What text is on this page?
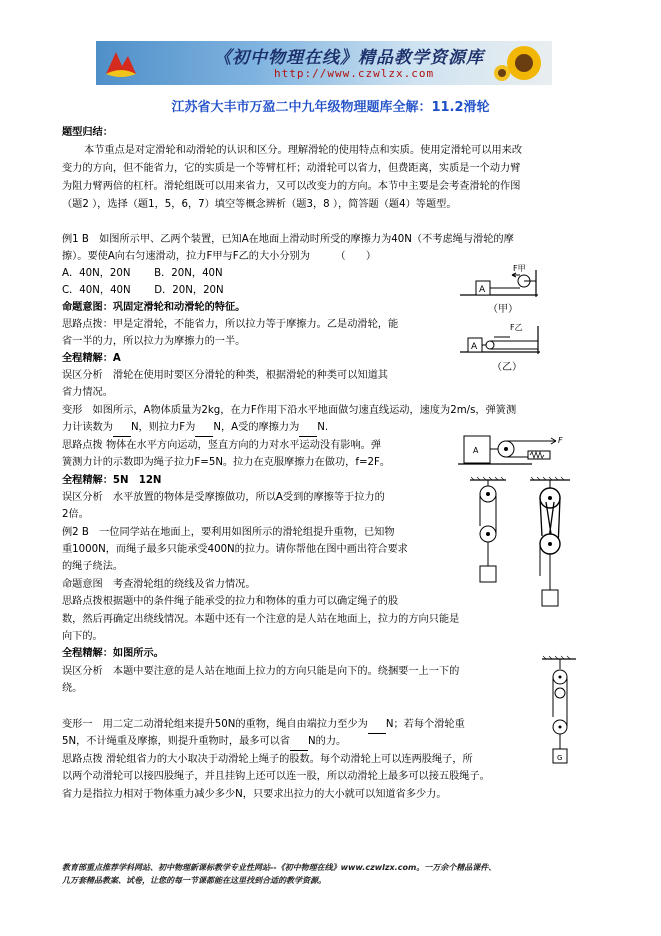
《初中物理在线》精品教学资源库
http://www.czwlzx.com
江苏省大丰市万盈二中九年级物理题库全解：11.2滑轮
题型归结：
本节重点是对定滑轮和动滑轮的认识和区分。理解滑轮的使用特点和实质。使用定滑轮可以用来改
变力的方向，但不能省力，它的实质是一个等臂杠杆；动滑轮可以省力，但费距离，实质是一个动力臂
为阻力臂两倍的杠杆。滑轮组既可以用来省力，又可以改变力的方向。本节中主要是会考查滑轮的作图
（题2 ），选择（题1，5，6，7）填空等概念辨析（题3，8 ），简答题（题4）等题型。
例1 B　如图所示甲、乙两个装置，已知A在地面上滑动时所受的摩擦力为40N（不考虑绳与滑轮的摩
擦）。要使A向右匀速滑动，拉力F甲与F乙的大小分别为　　　（　　）
A．40N，20N　　 B．20N，40N
C．40N，40N　　 D．20N，20N
命题意图：巩固定滑轮和动滑轮的特征。
思路点拨：甲是定滑轮，不能省力，所以拉力等于摩擦力。乙是动滑轮，能
省一半的力，所以拉力为摩擦力的一半。
全程精解：A
误区分析　滑轮在使用时要区分滑轮的种类，根据滑轮的种类可以知道其
省力情况。
变形　如图所示，A物体质量为2kg，在力F作用下沿水平地面做匀速直线运动，速度为2m/s，弹簧测
力计读数为 N，则拉力F为 N，A受的摩擦力为 N.
思路点拨 物体在水平方向运动，竖直方向的力对水平运动没有影响。弹
簧测力计的示数即为绳子拉力F=5N。拉力在克服摩擦力在做功，f=2F。
全程精解：5N　12N
误区分析　水平放置的物体是受摩擦做功，所以A受到的摩擦等于拉力的
2倍。
例2 B　一位同学站在地面上，要利用如图所示的滑轮组提升重物，已知物
重1000N，而绳子最多只能承受400N的拉力。请你帮他在图中画出符合要求
的绳子绕法。
命题意图　考查滑轮组的绕线及省力情况。
思路点拨根据题中的条件绳子能承受的拉力和物体的重力可以确定绳子的股
数，然后再确定出绕线情况。本题中还有一个注意的是人站在地面上，拉力的方向只能是
向下的。
全程精解：如图所示。
误区分析　本题中要注意的是人站在地面上拉力的方向只能是向下的。绕捆要一上一下的
绕。
变形一　用二定二动滑轮组来提升50N的重物，绳自由端拉力至少为 N；若每个滑轮重
5N，不计绳重及摩擦，则提升重物时，最多可以省 N的力。
思路点拨 滑轮组省力的大小取决于动滑轮上绳子的股数。每个动滑轮上可以连两股绳子，所
以两个动滑轮可以接四股绳子，并且挂钩上还可以连一股，所以动滑轮上最多可以接五股绳子。
省力是指拉力相对于物体重力减少多少N，只要求出拉力的大小就可以知道省多少力。
A
F甲
（甲）
A
F乙
（乙）
A
F
G
教育部重点推荐学科网站、初中物理新课标教学专业性网站--《初中物理在线》www.czwlzx.com。一万余个精品课件、
几万套精品教案、试卷，让您的每一节课都能在这里找到合适的教学资源。
